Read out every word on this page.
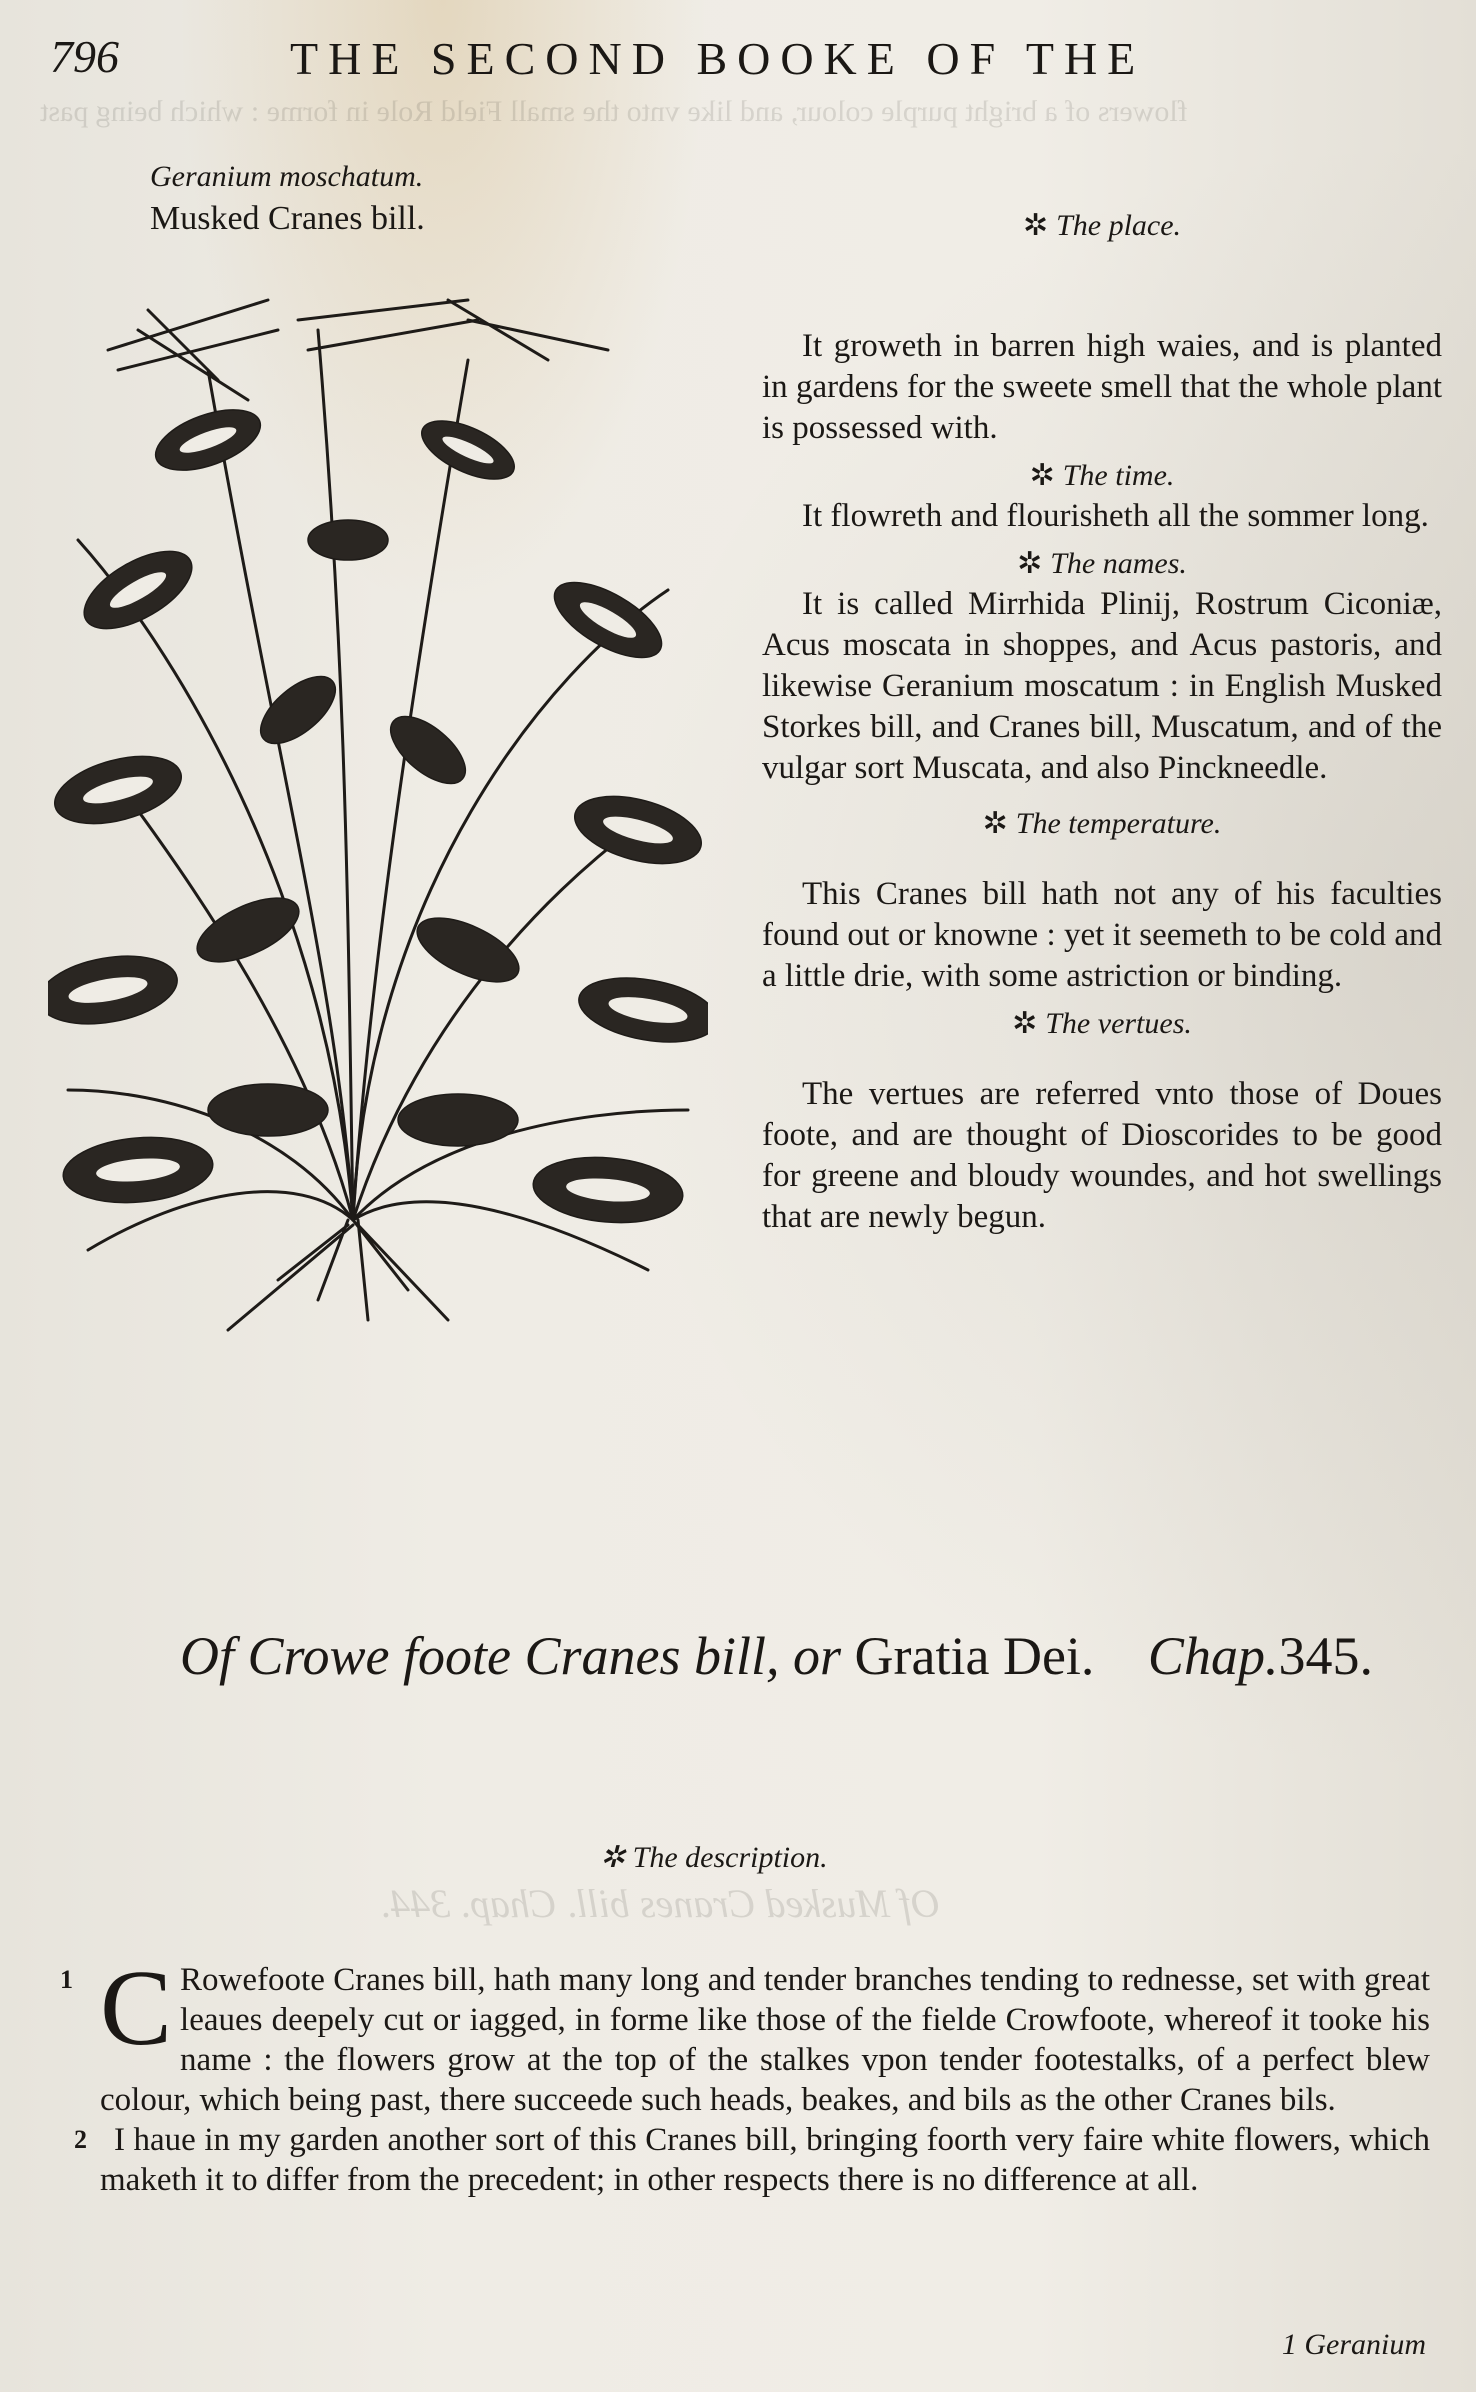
flowers of a bright purple colour, and like vnto the small Field Role in forme : which being past
Of Musked Cranes bill. Chap. 344.
796	THE SECOND BOOKE OF THE
Geranium moschatum.
Musked Cranes bill.	✲ The place.

It groweth in barren high waies, and is planted in gardens for the sweete smell that the whole plant is possessed with.

✲ The time.

It flowreth and flourisheth all the sommer long.

✲ The names.

It is called Mirrhida Plinij, Rostrum Ciconiæ, Acus moscata in shoppes, and Acus pastoris, and likewise Geranium moscatum : in English Musked Storkes bill, and Cranes bill, Muscatum, and of the vulgar sort Muscata, and also Pinckneedle.

✲ The temperature.

This Cranes bill hath not any of his faculties found out or knowne : yet it seemeth to be cold and a little drie, with some astriction or binding.

✲ The vertues.

The vertues are referred vnto those of Doues foote, and are thought of Dioscorides to be good for greene and bloudy woundes, and hot swellings that are newly begun.

Of Crowe foote Cranes bill, or Gratia Dei. Chap.345.
✲ The description.

1 C Rowefoote Cranes bill, hath many long and tender branches tending to rednesse, set with great leaues deepely cut or iagged, in forme like those of the fielde Crowfoote, whereof it tooke his name : the flowers grow at the top of the stalkes vpon tender footestalks, of a perfect blew colour, which being past, there succeede such heads, beakes, and bils as the other Cranes bils.

2 I haue in my garden another sort of this Cranes bill, bringing foorth very faire white flowers, which maketh it to differ from the precedent; in other respects there is no difference at all.

1 Geranium
